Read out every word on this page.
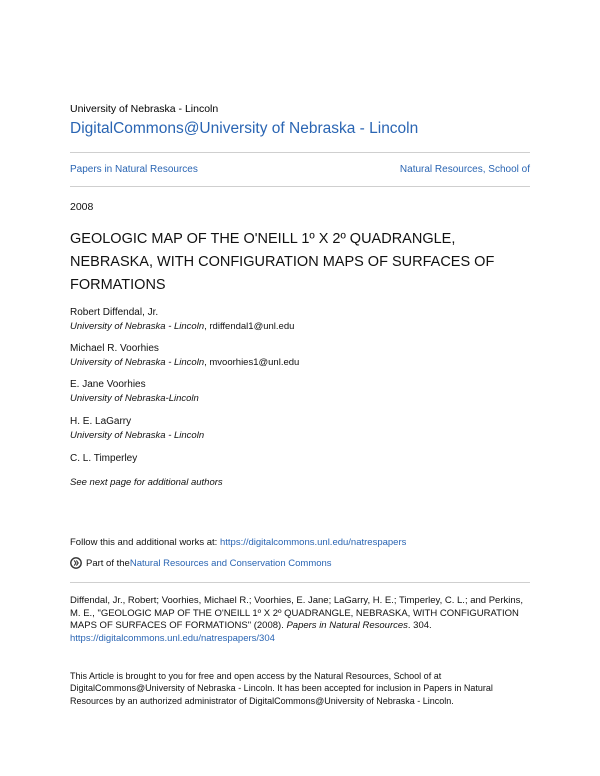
University of Nebraska - Lincoln
DigitalCommons@University of Nebraska - Lincoln
Papers in Natural Resources	Natural Resources, School of
2008
GEOLOGIC MAP OF THE O'NEILL 1º X 2º QUADRANGLE, NEBRASKA, WITH CONFIGURATION MAPS OF SURFACES OF FORMATIONS
Robert Diffendal, Jr.
University of Nebraska - Lincoln, rdiffendal1@unl.edu
Michael R. Voorhies
University of Nebraska - Lincoln, mvoorhies1@unl.edu
E. Jane Voorhies
University of Nebraska-Lincoln
H. E. LaGarry
University of Nebraska - Lincoln
C. L. Timperley
See next page for additional authors
Follow this and additional works at: https://digitalcommons.unl.edu/natrespapers
Part of the Natural Resources and Conservation Commons
Diffendal, Jr., Robert; Voorhies, Michael R.; Voorhies, E. Jane; LaGarry, H. E.; Timperley, C. L.; and Perkins, M. E., "GEOLOGIC MAP OF THE O'NEILL 1º X 2º QUADRANGLE, NEBRASKA, WITH CONFIGURATION MAPS OF SURFACES OF FORMATIONS" (2008). Papers in Natural Resources. 304.
https://digitalcommons.unl.edu/natrespapers/304
This Article is brought to you for free and open access by the Natural Resources, School of at DigitalCommons@University of Nebraska - Lincoln. It has been accepted for inclusion in Papers in Natural Resources by an authorized administrator of DigitalCommons@University of Nebraska - Lincoln.
